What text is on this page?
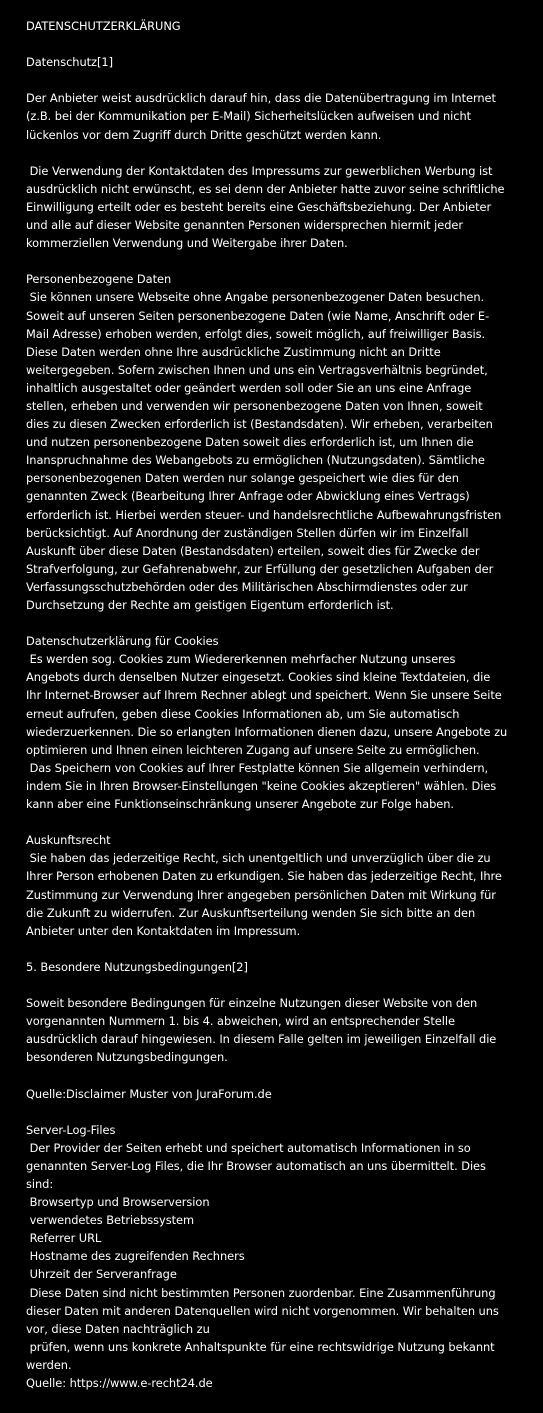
DATENSCHUTZERKLÄRUNG

Datenschutz[1]

Der Anbieter weist ausdrücklich darauf hin, dass die Datenübertragung im Internet (z.B. bei der Kommunikation per E-Mail) Sicherheitslücken aufweisen und nicht lückenlos vor dem Zugriff durch Dritte geschützt werden kann.

Die Verwendung der Kontaktdaten des Impressums zur gewerblichen Werbung ist ausdrücklich nicht erwünscht, es sei denn der Anbieter hatte zuvor seine schriftliche Einwilligung erteilt oder es besteht bereits eine Geschäftsbeziehung. Der Anbieter und alle auf dieser Website genannten Personen widersprechen hiermit jeder kommerziellen Verwendung und Weitergabe ihrer Daten.

Personenbezogene Daten
Sie können unsere Webseite ohne Angabe personenbezogener Daten besuchen. Soweit auf unseren Seiten personenbezogene Daten (wie Name, Anschrift oder E-Mail Adresse) erhoben werden, erfolgt dies, soweit möglich, auf freiwilliger Basis. Diese Daten werden ohne Ihre ausdrückliche Zustimmung nicht an Dritte weitergegeben. Sofern zwischen Ihnen und uns ein Vertragsverhältnis begründet, inhaltlich ausgestaltet oder geändert werden soll oder Sie an uns eine Anfrage stellen, erheben und verwenden wir personenbezogene Daten von Ihnen, soweit dies zu diesen Zwecken erforderlich ist (Bestandsdaten). Wir erheben, verarbeiten und nutzen personenbezogene Daten soweit dies erforderlich ist, um Ihnen die Inanspruchnahme des Webangebots zu ermöglichen (Nutzungsdaten). Sämtliche personenbezogenen Daten werden nur solange gespeichert wie dies für den genannten Zweck (Bearbeitung Ihrer Anfrage oder Abwicklung eines Vertrags) erforderlich ist. Hierbei werden steuer- und handelsrechtliche Aufbewahrungsfristen berücksichtigt. Auf Anordnung der zuständigen Stellen dürfen wir im Einzelfall Auskunft über diese Daten (Bestandsdaten) erteilen, soweit dies für Zwecke der Strafverfolgung, zur Gefahrenabwehr, zur Erfüllung der gesetzlichen Aufgaben der Verfassungsschutzbehörden oder des Militärischen Abschirmdienstes oder zur Durchsetzung der Rechte am geistigen Eigentum erforderlich ist.

Datenschutzerklärung für Cookies
Es werden sog. Cookies zum Wiedererkennen mehrfacher Nutzung unseres Angebots durch denselben Nutzer eingesetzt. Cookies sind kleine Textdateien, die Ihr Internet-Browser auf Ihrem Rechner ablegt und speichert. Wenn Sie unsere Seite erneut aufrufen, geben diese Cookies Informationen ab, um Sie automatisch wiederzuerkennen. Die so erlangten Informationen dienen dazu, unsere Angebote zu optimieren und Ihnen einen leichteren Zugang auf unsere Seite zu ermöglichen.
Das Speichern von Cookies auf Ihrer Festplatte können Sie allgemein verhindern, indem Sie in Ihren Browser-Einstellungen "keine Cookies akzeptieren" wählen. Dies kann aber eine Funktionseinschränkung unserer Angebote zur Folge haben.

Auskunftsrecht
Sie haben das jederzeitige Recht, sich unentgeltlich und unverzüglich über die zu Ihrer Person erhobenen Daten zu erkundigen. Sie haben das jederzeitige Recht, Ihre Zustimmung zur Verwendung Ihrer angegeben persönlichen Daten mit Wirkung für die Zukunft zu widerrufen. Zur Auskunftserteilung wenden Sie sich bitte an den Anbieter unter den Kontaktdaten im Impressum.

5. Besondere Nutzungsbedingungen[2]

Soweit besondere Bedingungen für einzelne Nutzungen dieser Website von den vorgenannten Nummern 1. bis 4. abweichen, wird an entsprechender Stelle ausdrücklich darauf hingewiesen. In diesem Falle gelten im jeweiligen Einzelfall die besonderen Nutzungsbedingungen.

Quelle:Disclaimer Muster von JuraForum.de

Server-Log-Files
Der Provider der Seiten erhebt und speichert automatisch Informationen in so genannten Server-Log Files, die Ihr Browser automatisch an uns übermittelt. Dies sind:
Browsertyp und Browserversion
verwendetes Betriebssystem
Referrer URL
Hostname des zugreifenden Rechners
Uhrzeit der Serveranfrage
Diese Daten sind nicht bestimmten Personen zuordenbar. Eine Zusammenführung dieser Daten mit anderen Datenquellen wird nicht vorgenommen. Wir behalten uns vor, diese Daten nachträglich zu
prüfen, wenn uns konkrete Anhaltspunkte für eine rechtswidrige Nutzung bekannt werden.
Quelle: https://www.e-recht24.de
